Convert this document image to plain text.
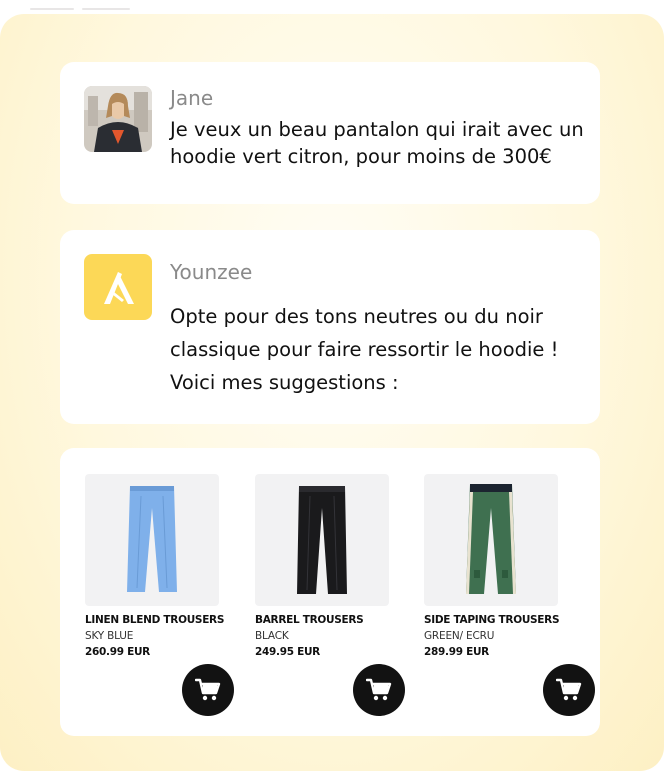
Jane
Je veux un beau pantalon qui irait avec un hoodie vert citron, pour moins de 300€
Younzee
Opte pour des tons neutres ou du noir classique pour faire ressortir le hoodie ! Voici mes suggestions :
LINEN BLEND TROUSERS
SKY BLUE
260.99 EUR
BARREL TROUSERS
BLACK
249.95 EUR
SIDE TAPING TROUSERS
GREEN/ ECRU
289.99 EUR
